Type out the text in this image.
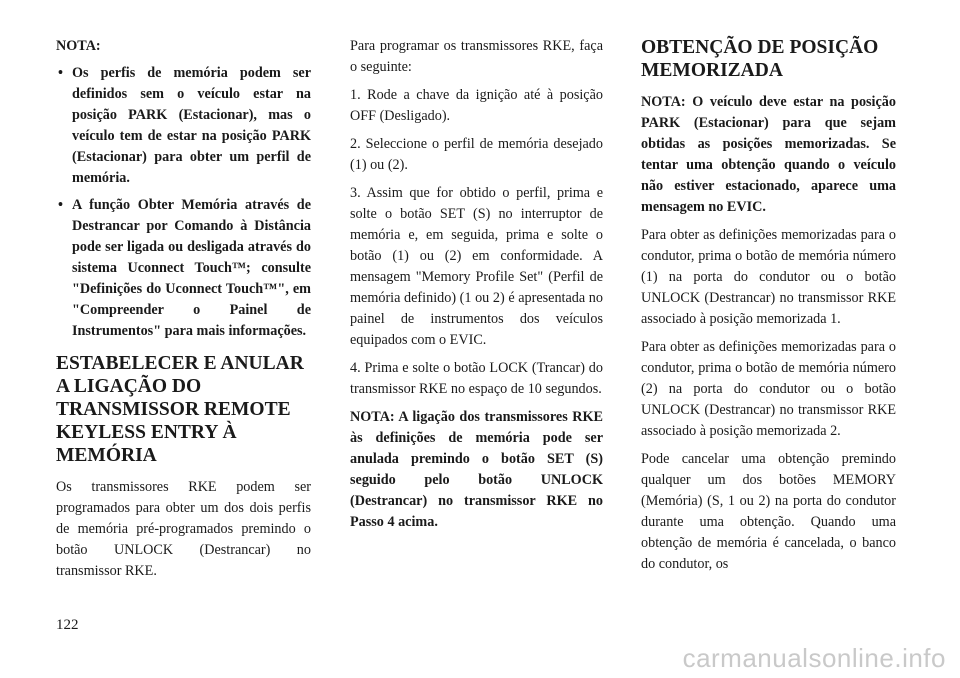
NOTA:
• Os perfis de memória podem ser definidos sem o veículo estar na posição PARK (Estacionar), mas o veículo tem de estar na posição PARK (Estacionar) para obter um perfil de memória.
• A função Obter Memória através de Destrancar por Comando à Distância pode ser ligada ou desligada através do sistema Uconnect Touch™; consulte "Definições do Uconnect Touch™", em "Compreender o Painel de Instrumentos" para mais informações.
ESTABELECER E ANULAR A LIGAÇÃO DO TRANSMISSOR REMOTE KEYLESS ENTRY À MEMÓRIA

Os transmissores RKE podem ser programados para obter um dos dois perfis de memória pré-programados premindo o botão UNLOCK (Destrancar) no transmissor RKE.

Para programar os transmissores RKE, faça o seguinte:

1. Rode a chave da ignição até à posição OFF (Desligado).

2. Seleccione o perfil de memória desejado (1) ou (2).

3. Assim que for obtido o perfil, prima e solte o botão SET (S) no interruptor de memória e, em seguida, prima e solte o botão (1) ou (2) em conformidade. A mensagem "Memory Profile Set" (Perfil de memória definido) (1 ou 2) é apresentada no painel de instrumentos dos veículos equipados com o EVIC.

4. Prima e solte o botão LOCK (Trancar) do transmissor RKE no espaço de 10 segundos.

NOTA: A ligação dos transmissores RKE às definições de memória pode ser anulada premindo o botão SET (S) seguido pelo botão UNLOCK (Destrancar) no transmissor RKE no Passo 4 acima.

OBTENÇÃO DE POSIÇÃO MEMORIZADA

NOTA: O veículo deve estar na posição PARK (Estacionar) para que sejam obtidas as posições memorizadas. Se tentar uma obtenção quando o veículo não estiver estacionado, aparece uma mensagem no EVIC.

Para obter as definições memorizadas para o condutor, prima o botão de memória número (1) na porta do condutor ou o botão UNLOCK (Destrancar) no transmissor RKE associado à posição memorizada 1.

Para obter as definições memorizadas para o condutor, prima o botão de memória número (2) na porta do condutor ou o botão UNLOCK (Destrancar) no transmissor RKE associado à posição memorizada 2.

Pode cancelar uma obtenção premindo qualquer um dos botões MEMORY (Memória) (S, 1 ou 2) na porta do condutor durante uma obtenção. Quando uma obtenção de memória é cancelada, o banco do condutor, os

122
carmanualsonline.info
